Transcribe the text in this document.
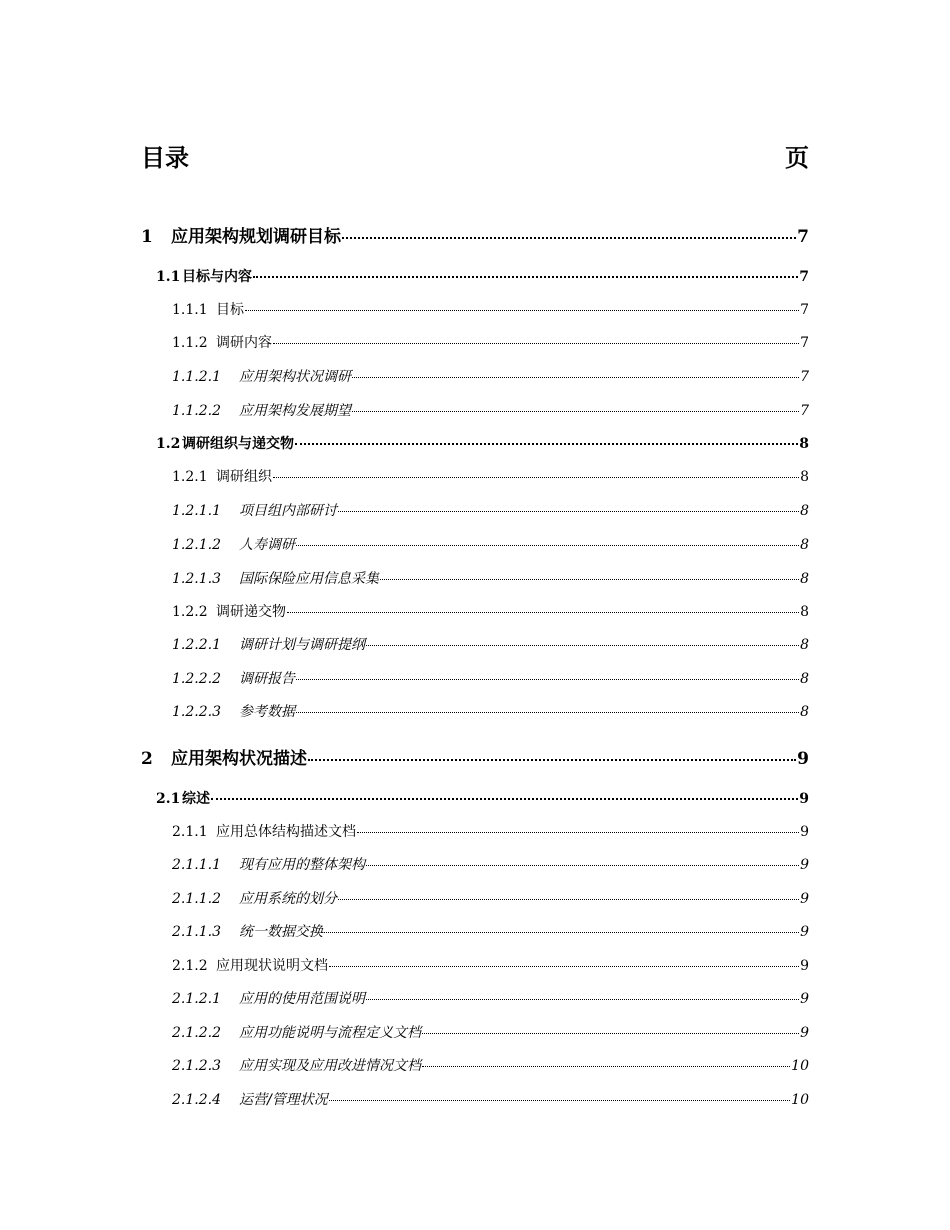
目录	页
1	应用架构规划调研目标	7
1.1 目标与内容	7
1.1.1 目标	7
1.1.2 调研内容	7
1.1.2.1	应用架构状况调研	7
1.1.2.2	应用架构发展期望	7
1.2 调研组织与递交物	8
1.2.1 调研组织	8
1.2.1.1	项目组内部研讨	8
1.2.1.2	人寿调研	8
1.2.1.3	国际保险应用信息采集	8
1.2.2 调研递交物	8
1.2.2.1	调研计划与调研提纲	8
1.2.2.2	调研报告	8
1.2.2.3	参考数据	8
2	应用架构状况描述	9
2.1 综述	9
2.1.1 应用总体结构描述文档	9
2.1.1.1	现有应用的整体架构	9
2.1.1.2	应用系统的划分	9
2.1.1.3	统一数据交换	9
2.1.2 应用现状说明文档	9
2.1.2.1	应用的使用范围说明	9
2.1.2.2	应用功能说明与流程定义文档	9
2.1.2.3	应用实现及应用改进情况文档	10
2.1.2.4	运营/管理状况	10
